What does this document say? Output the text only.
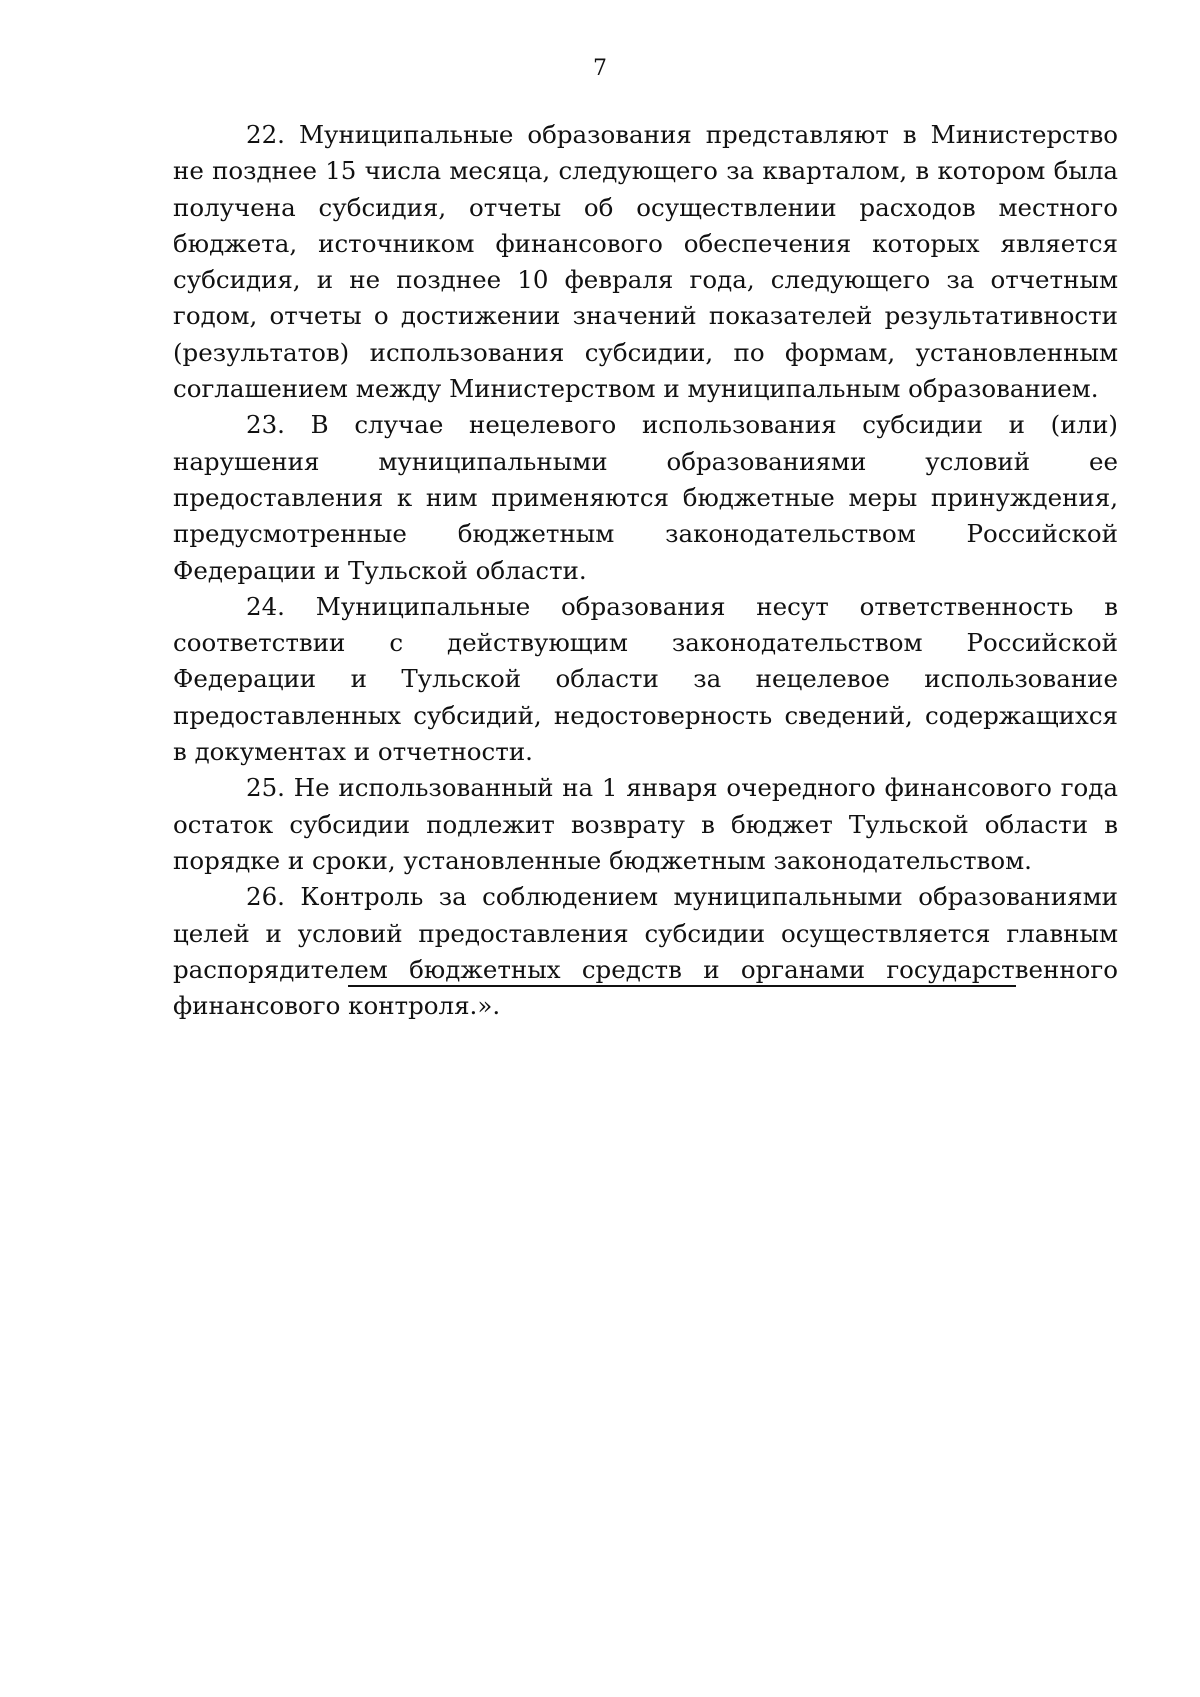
7

22. Муниципальные образования представляют в Министерство не позднее 15 числа месяца, следующего за кварталом, в котором была получена субсидия, отчеты об осуществлении расходов местного бюджета, источником финансового обеспечения которых является субсидия, и не позднее 10 февраля года, следующего за отчетным годом, отчеты о достижении значений показателей результативности (результатов) использования субсидии, по формам, установленным соглашением между Министерством и муниципальным образованием.

23. В случае нецелевого использования субсидии и (или) нарушения муниципальными образованиями условий ее предоставления к ним применяются бюджетные меры принуждения, предусмотренные бюджетным законодательством Российской Федерации и Тульской области.

24. Муниципальные образования несут ответственность в соответствии с действующим законодательством Российской Федерации и Тульской области за нецелевое использование предоставленных субсидий, недостоверность сведений, содержащихся в документах и отчетности.

25. Не использованный на 1 января очередного финансового года остаток субсидии подлежит возврату в бюджет Тульской области в порядке и сроки, установленные бюджетным законодательством.

26. Контроль за соблюдением муниципальными образованиями целей и условий предоставления субсидии осуществляется главным распорядителем бюджетных средств и органами государственного финансового контроля.».
